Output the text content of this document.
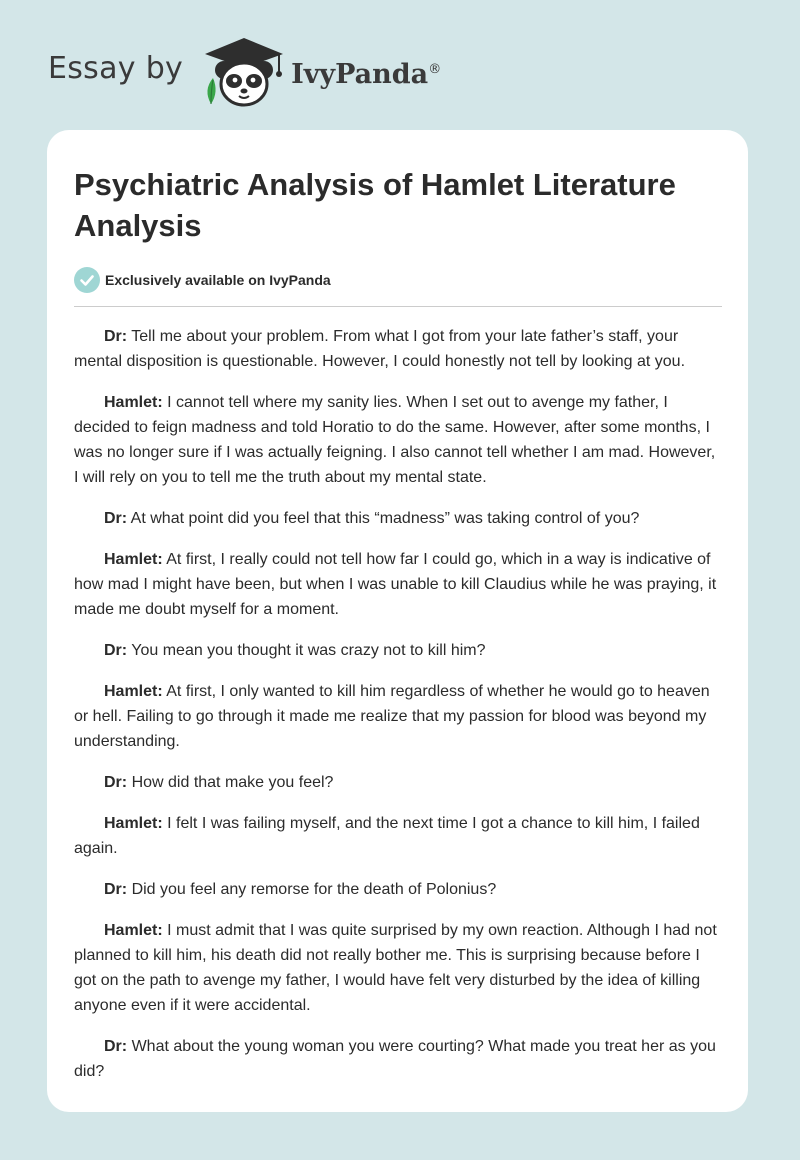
Essay by	IvyPanda®
Psychiatric Analysis of Hamlet Literature Analysis
Exclusively available on IvyPanda

Dr: Tell me about your problem. From what I got from your late father’s staff, your mental disposition is questionable. However, I could honestly not tell by looking at you.

Hamlet: I cannot tell where my sanity lies. When I set out to avenge my father, I decided to feign madness and told Horatio to do the same. However, after some months, I was no longer sure if I was actually feigning. I also cannot tell whether I am mad. However, I will rely on you to tell me the truth about my mental state.

Dr: At what point did you feel that this “madness” was taking control of you?

Hamlet: At first, I really could not tell how far I could go, which in a way is indicative of how mad I might have been, but when I was unable to kill Claudius while he was praying, it made me doubt myself for a moment.

Dr: You mean you thought it was crazy not to kill him?

Hamlet: At first, I only wanted to kill him regardless of whether he would go to heaven or hell. Failing to go through it made me realize that my passion for blood was beyond my understanding.

Dr: How did that make you feel?

Hamlet: I felt I was failing myself, and the next time I got a chance to kill him, I failed again.

Dr: Did you feel any remorse for the death of Polonius?

Hamlet: I must admit that I was quite surprised by my own reaction. Although I had not planned to kill him, his death did not really bother me. This is surprising because before I got on the path to avenge my father, I would have felt very disturbed by the idea of killing anyone even if it were accidental.

Dr: What about the young woman you were courting? What made you treat her as you did?
